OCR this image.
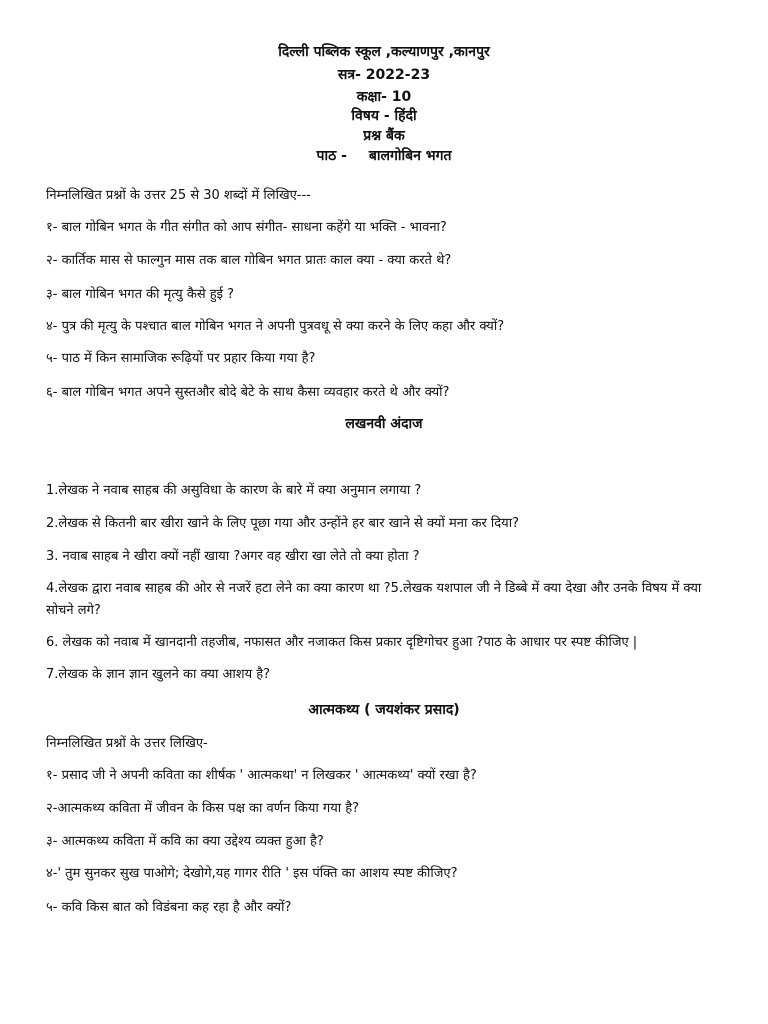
दिल्ली पब्लिक स्कूल ,कल्याणपुर ,कानपुर

सत्र- 2022-23

कक्षा- 10

विषय - हिंदी

प्रश्न बैंक

पाठ - बालगोबिन भगत

निम्नलिखित प्रश्नों के उत्तर 25 से 30 शब्दों में लिखिए---

१- बाल गोबिन भगत के गीत संगीत को आप संगीत- साधना कहेंगे या भक्ति - भावना?

२- कार्तिक मास से फाल्गुन मास तक बाल गोबिन भगत प्रातः काल क्या - क्या करते थे?

३- बाल गोबिन भगत की मृत्यु कैसे हुई ?

४- पुत्र की मृत्यु के पश्चात बाल गोबिन भगत ने अपनी पुत्रवधू से क्या करने के लिए कहा और क्यों?

५- पाठ में किन सामाजिक रूढ़ियों पर प्रहार किया गया है?

६- बाल गोबिन भगत अपने सुस्तऔर बोदे बेटे के साथ कैसा व्यवहार करते थे और क्यों?

लखनवी अंदाज

1.लेखक ने नवाब साहब की असुविधा के कारण के बारे में क्या अनुमान लगाया ?

2.लेखक से कितनी बार खीरा खाने के लिए पूछा गया और उन्होंने हर बार खाने से क्यों मना कर दिया?

3. नवाब साहब ने खीरा क्यों नहीं खाया ?अगर वह खीरा खा लेते तो क्या होता ?

4.लेखक द्वारा नवाब साहब की ओर से नजरें हटा लेने का क्या कारण था ?5.लेखक यशपाल जी ने डिब्बे में क्या देखा और उनके विषय में क्या सोचने लगे?

6. लेखक को नवाब में खानदानी तहजीब, नफासत और नजाकत किस प्रकार दृष्टिगोचर हुआ ?पाठ के आधार पर स्पष्ट कीजिए |

7.लेखक के ज्ञान ज्ञान खुलने का क्या आशय है?

आत्मकथ्य ( जयशंकर प्रसाद)

निम्नलिखित प्रश्नों के उत्तर लिखिए-

१- प्रसाद जी ने अपनी कविता का शीर्षक ' आत्मकथा' न लिखकर ' आत्मकथ्य' क्यों रखा है?

२-आत्मकथ्य कविता में जीवन के किस पक्ष का वर्णन किया गया है?

३- आत्मकथ्य कविता में कवि का क्या उद्देश्य व्यक्त हुआ है?

४-' तुम सुनकर सुख पाओगे; देखोगे,यह गागर रीति ' इस पंक्ति का आशय स्पष्ट कीजिए?

५- कवि किस बात को विडंबना कह रहा है और क्यों?
